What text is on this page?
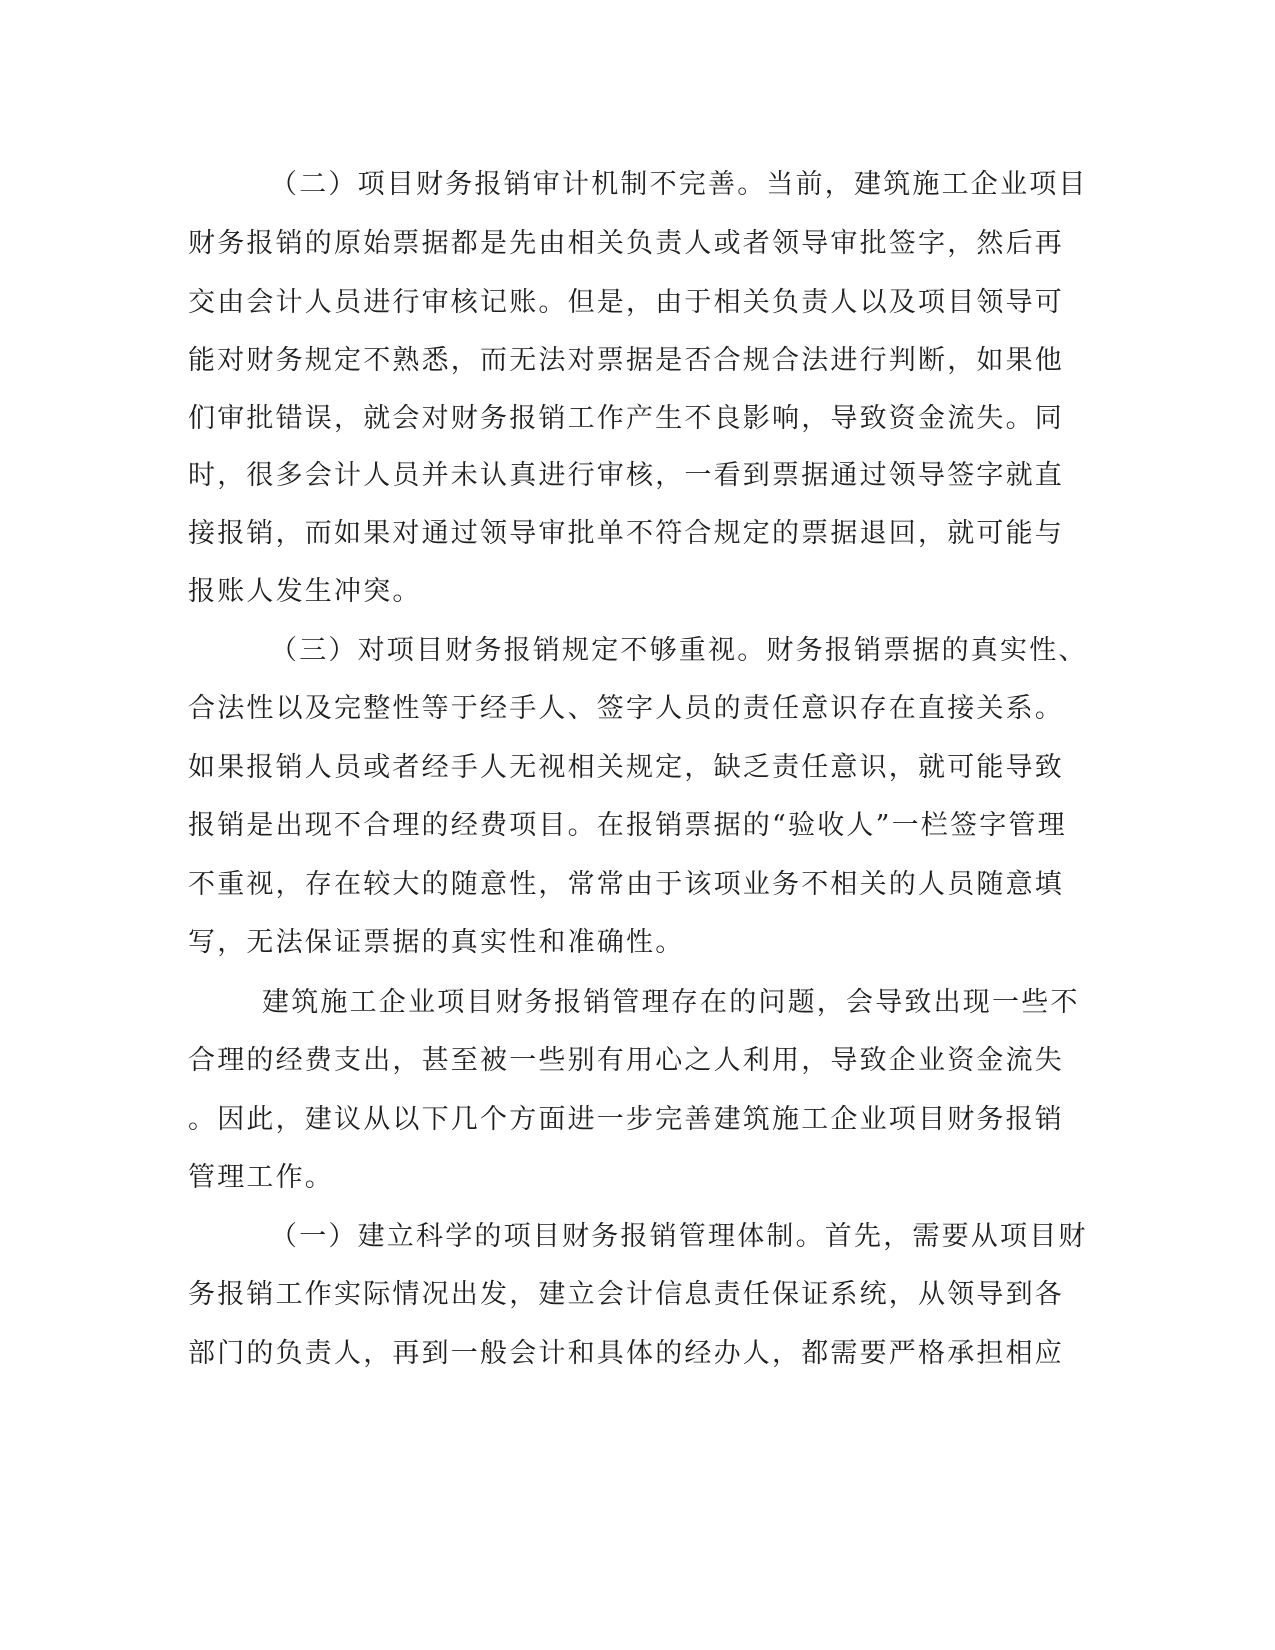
（二）项目财务报销审计机制不完善。当前，建筑施工企业项目

财务报销的原始票据都是先由相关负责人或者领导审批签字，然后再

交由会计人员进行审核记账。但是，由于相关负责人以及项目领导可

能对财务规定不熟悉，而无法对票据是否合规合法进行判断，如果他

们审批错误，就会对财务报销工作产生不良影响，导致资金流失。同

时，很多会计人员并未认真进行审核，一看到票据通过领导签字就直

接报销，而如果对通过领导审批单不符合规定的票据退回，就可能与

报账人发生冲突。

（三）对项目财务报销规定不够重视。财务报销票据的真实性、

合法性以及完整性等于经手人、签字人员的责任意识存在直接关系。

如果报销人员或者经手人无视相关规定，缺乏责任意识，就可能导致

报销是出现不合理的经费项目。在报销票据的“验收人”一栏签字管理

不重视，存在较大的随意性，常常由于该项业务不相关的人员随意填

写，无法保证票据的真实性和准确性。

建筑施工企业项目财务报销管理存在的问题，会导致出现一些不

合理的经费支出，甚至被一些别有用心之人利用，导致企业资金流失

。因此，建议从以下几个方面进一步完善建筑施工企业项目财务报销

管理工作。

（一）建立科学的项目财务报销管理体制。首先，需要从项目财

务报销工作实际情况出发，建立会计信息责任保证系统，从领导到各

部门的负责人，再到一般会计和具体的经办人，都需要严格承担相应
